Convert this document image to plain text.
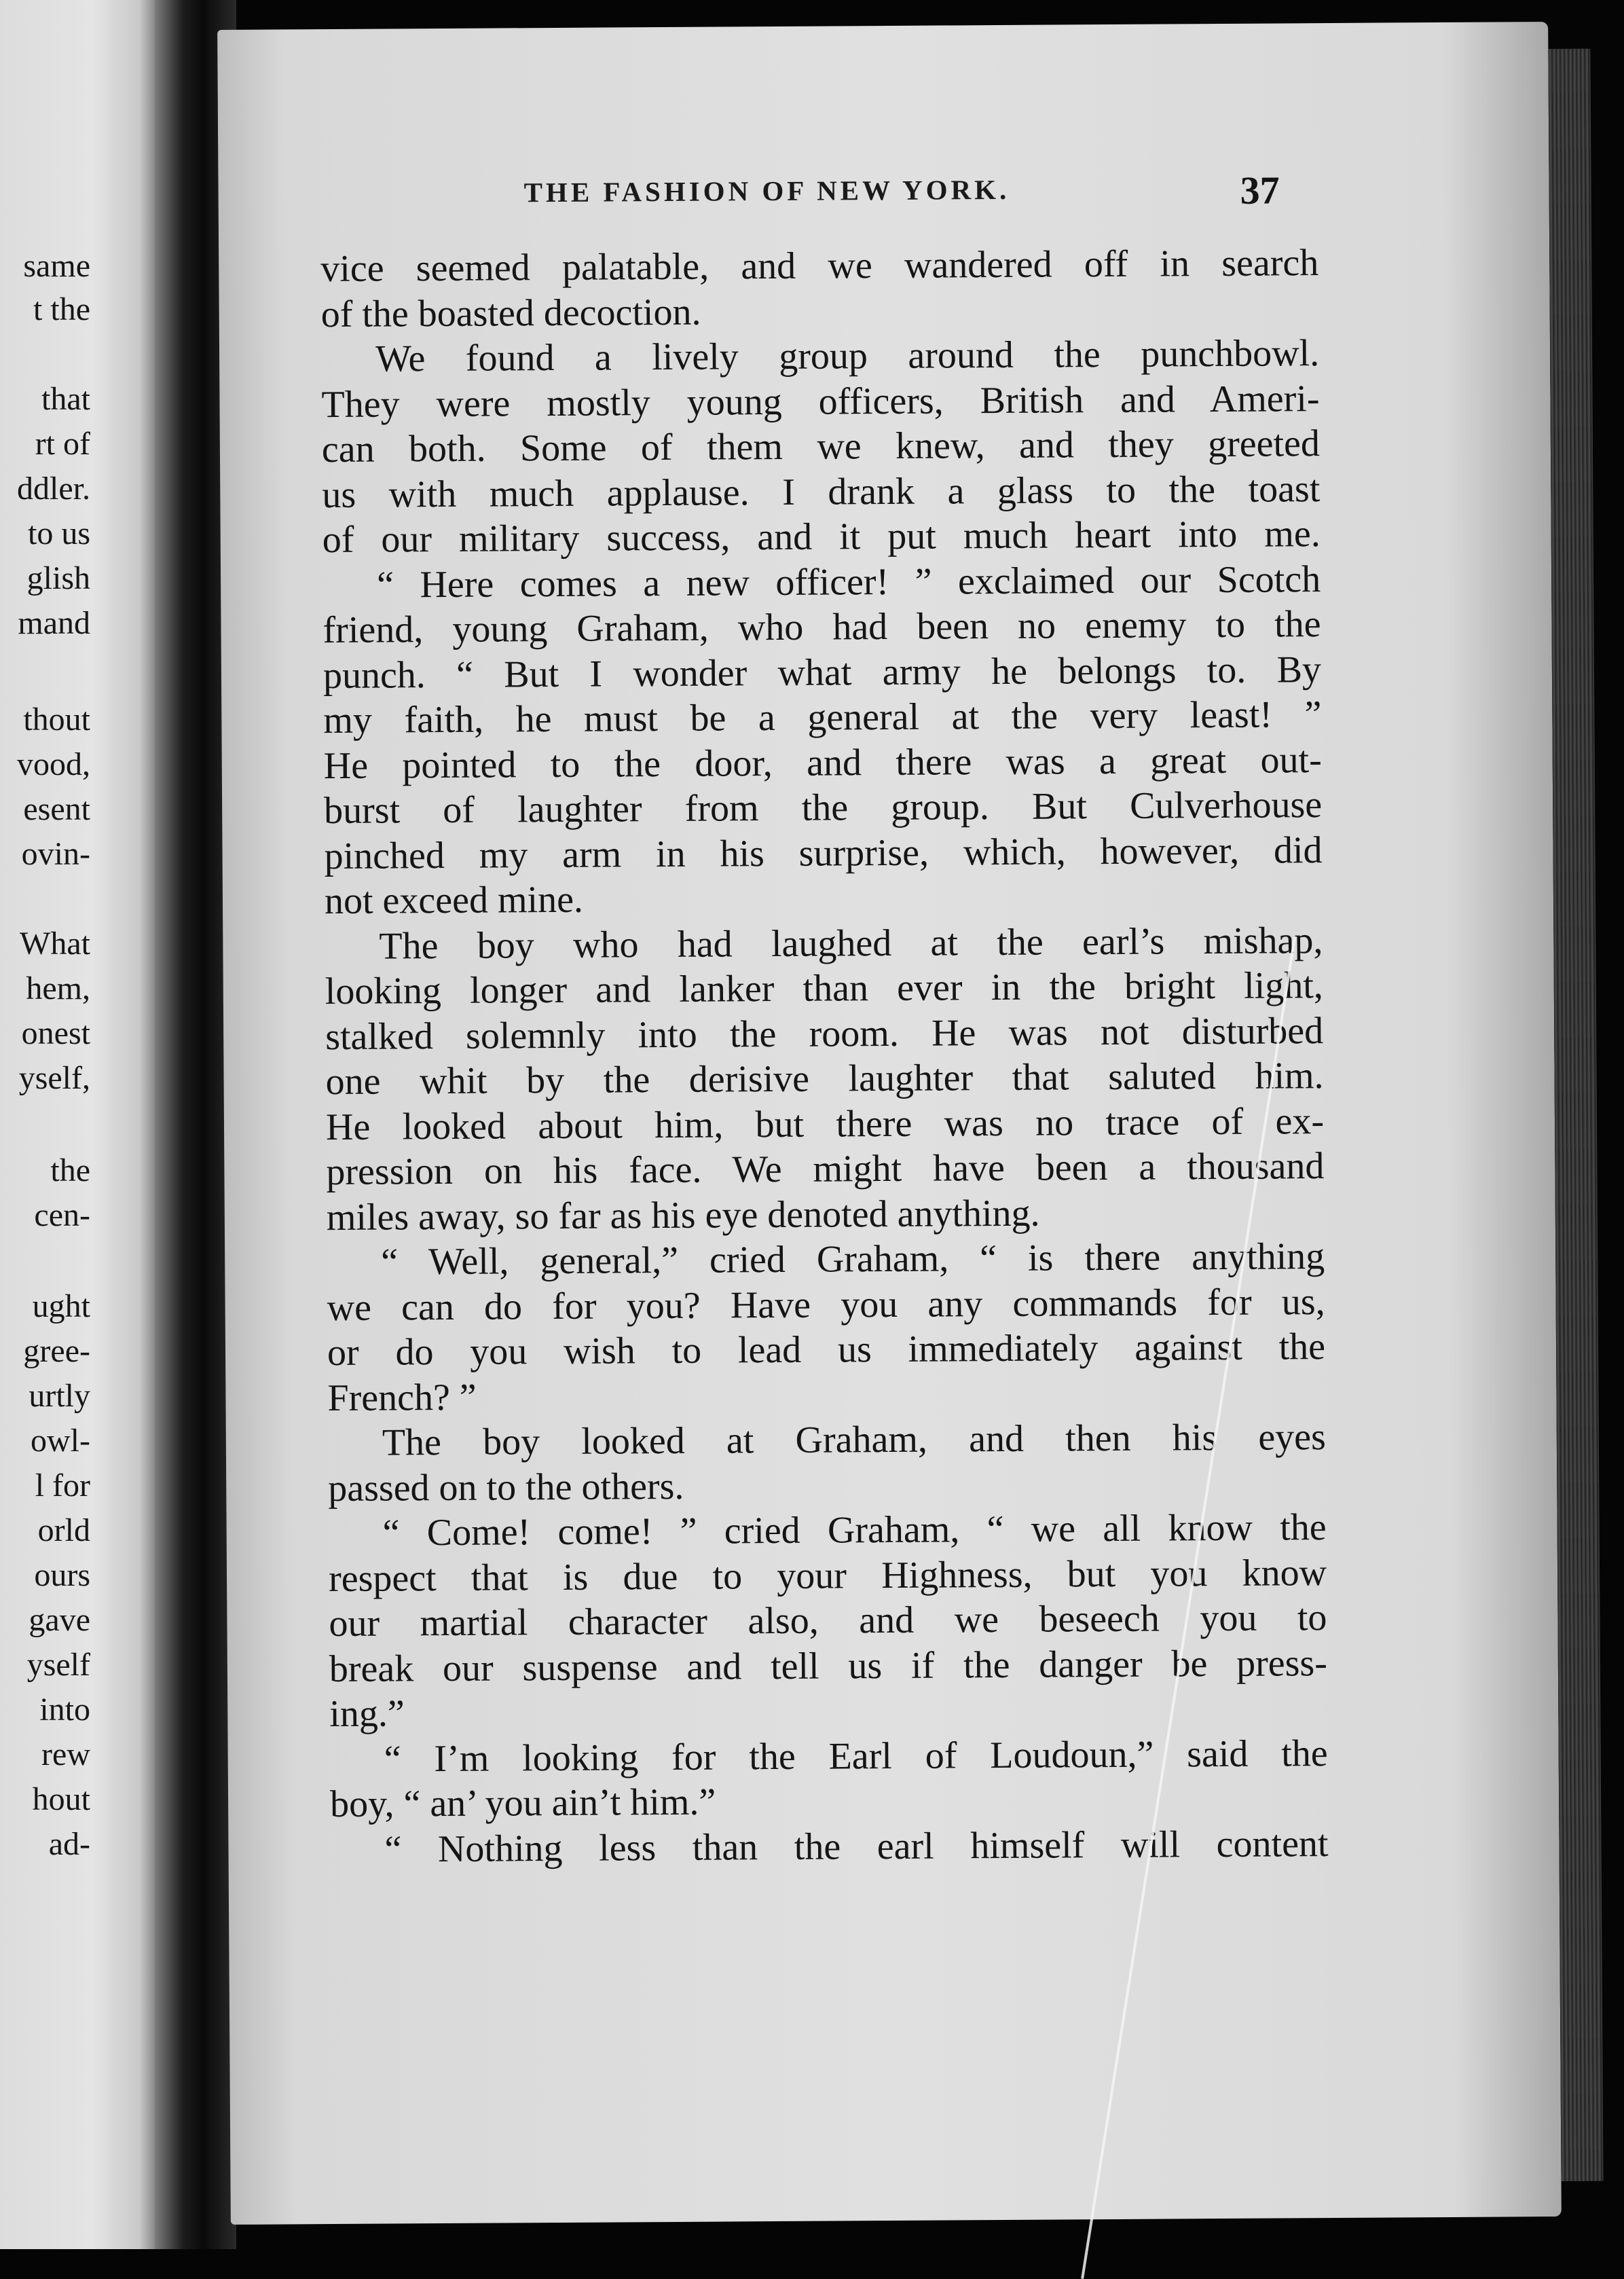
same
t the
that
rt of
ddler.
to us
glish
mand
thout
vood,
esent
ovin-
What
hem,
onest
yself,
the
cen-
ught
gree-
urtly
owl-
l for
orld
ours
gave
yself
into
rew
hout
ad-
THE FASHION OF NEW YORK.	37
vice seemed palatable, and we wandered off in search
of the boasted decoction.
We found a lively group around the punchbowl.
They were mostly young officers, British and Ameri-
can both. Some of them we knew, and they greeted
us with much applause. I drank a glass to the toast
of our military success, and it put much heart into me.
“ Here comes a new officer! ” exclaimed our Scotch
friend, young Graham, who had been no enemy to the
punch. “ But I wonder what army he belongs to. By
my faith, he must be a general at the very least! ”
He pointed to the door, and there was a great out-
burst of laughter from the group. But Culverhouse
pinched my arm in his surprise, which, however, did
not exceed mine.
The boy who had laughed at the earl’s mishap,
looking longer and lanker than ever in the bright light,
stalked solemnly into the room. He was not disturbed
one whit by the derisive laughter that saluted him.
He looked about him, but there was no trace of ex-
pression on his face. We might have been a thousand
miles away, so far as his eye denoted anything.
“ Well, general,” cried Graham, “ is there anything
we can do for you? Have you any commands for us,
or do you wish to lead us immediately against the
French? ”
The boy looked at Graham, and then his eyes
passed on to the others.
“ Come! come! ” cried Graham, “ we all know the
respect that is due to your Highness, but you know
our martial character also, and we beseech you to
break our suspense and tell us if the danger be press-
ing.”
“ I’m looking for the Earl of Loudoun,” said the
boy, “ an’ you ain’t him.”
“ Nothing less than the earl himself will content
